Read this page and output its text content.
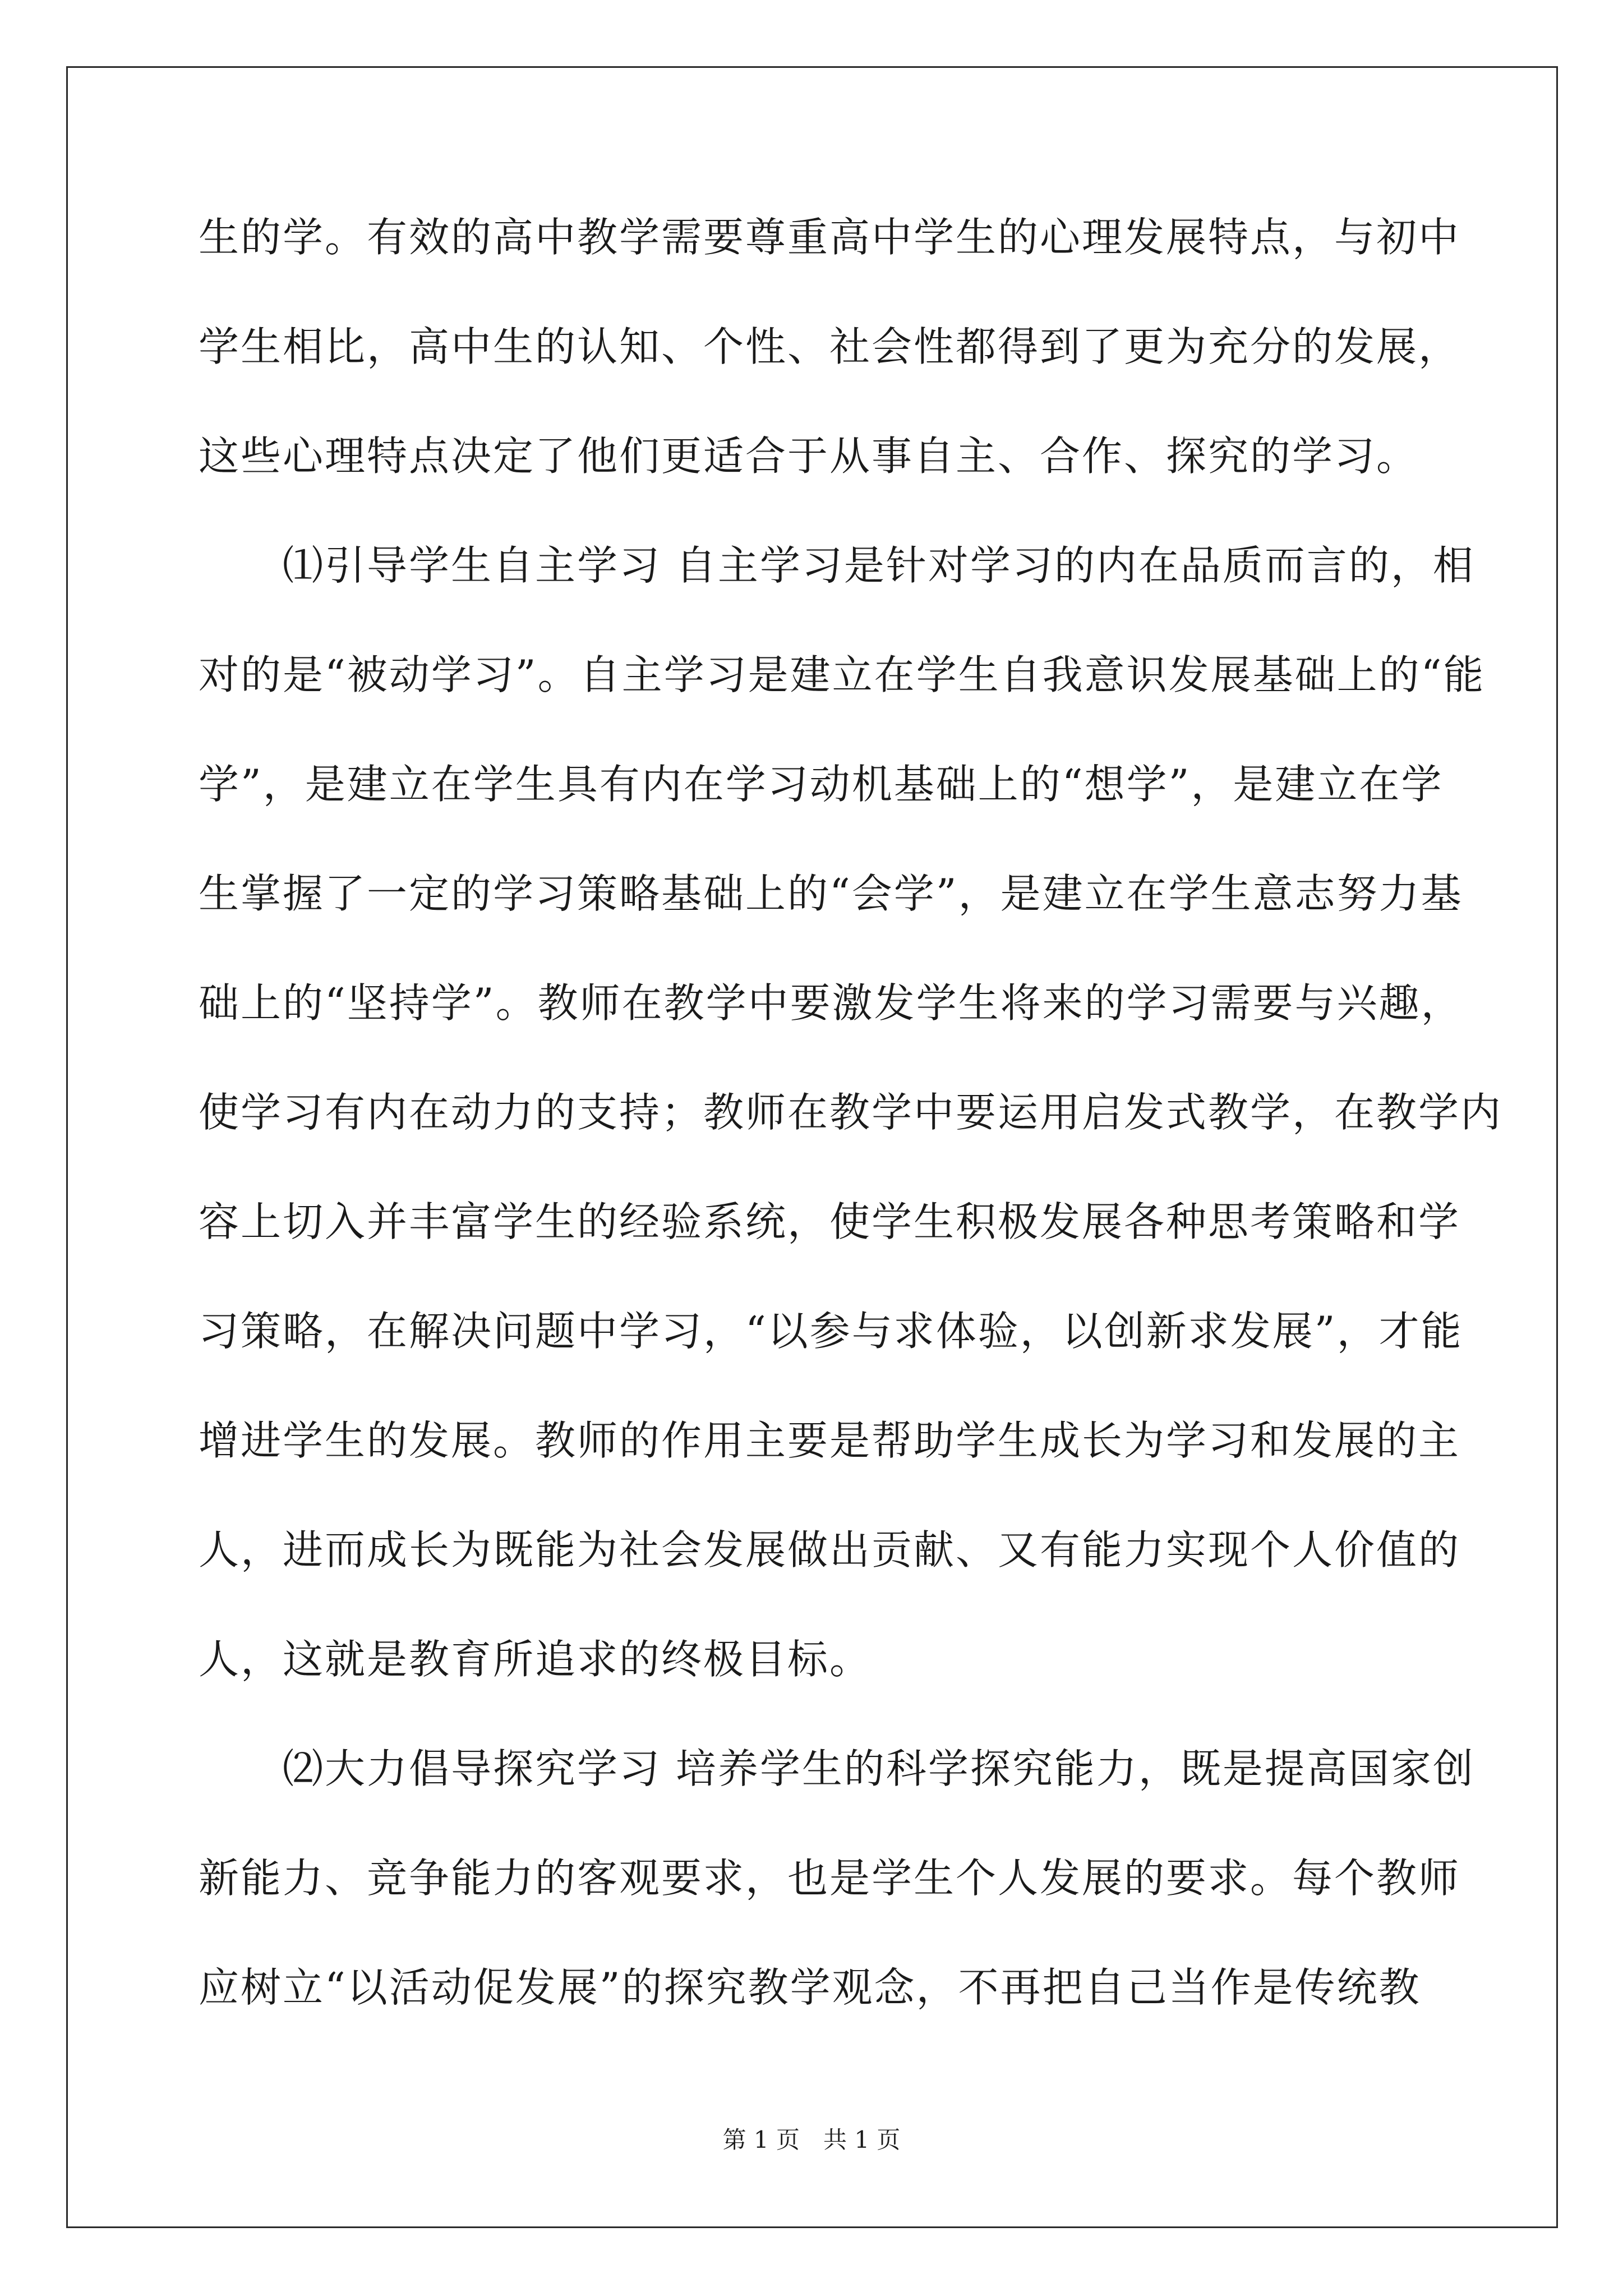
生的学。有效的高中教学需要尊重高中学生的心理发展特点，与初中
学生相比，高中生的认知、个性、社会性都得到了更为充分的发展，
这些心理特点决定了他们更适合于从事自主、合作、探究的学习。
　　⑴引导学生自主学习 自主学习是针对学习的内在品质而言的，相
对的是“被动学习”。自主学习是建立在学生自我意识发展基础上的“能
学”，是建立在学生具有内在学习动机基础上的“想学”，是建立在学
生掌握了一定的学习策略基础上的“会学”，是建立在学生意志努力基
础上的“坚持学”。教师在教学中要激发学生将来的学习需要与兴趣，
使学习有内在动力的支持；教师在教学中要运用启发式教学，在教学内
容上切入并丰富学生的经验系统，使学生积极发展各种思考策略和学
习策略，在解决问题中学习，“以参与求体验，以创新求发展”，才能
增进学生的发展。教师的作用主要是帮助学生成长为学习和发展的主
人，进而成长为既能为社会发展做出贡献、又有能力实现个人价值的
人，这就是教育所追求的终极目标。
　　⑵大力倡导探究学习 培养学生的科学探究能力，既是提高国家创
新能力、竞争能力的客观要求，也是学生个人发展的要求。每个教师
应树立“以活动促发展”的探究教学观念，不再把自己当作是传统教
第 1 页　共 1 页
